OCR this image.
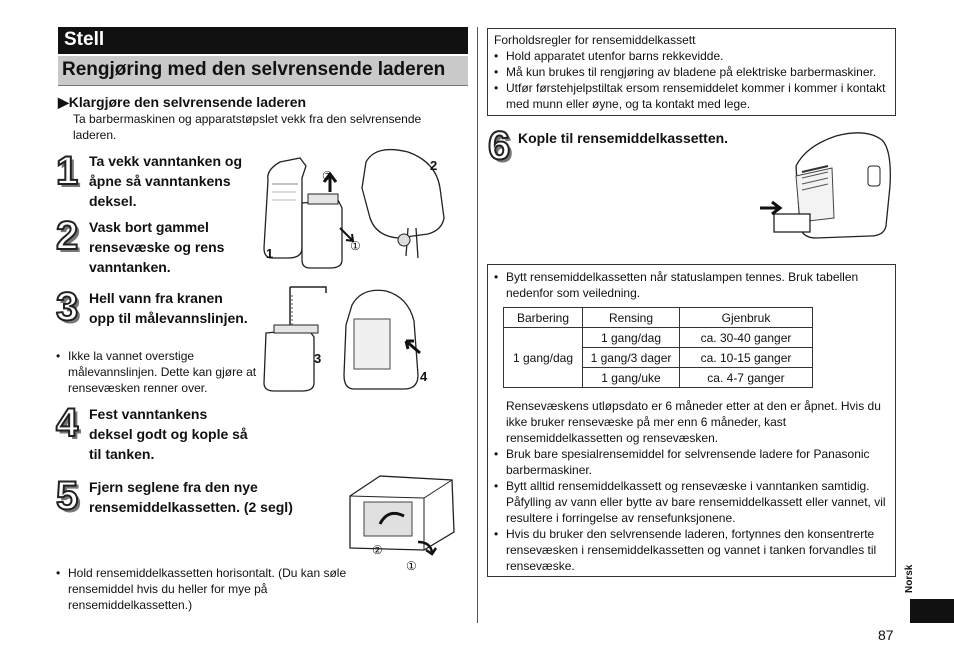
Stell
Rengjøring med den selvrensende laderen
▶Klargjøre den selvrensende laderen
Ta barbermaskinen og apparatstøpslet vekk fra den selvrensende laderen.
1 Ta vekk vanntanken og åpne så vanntankens deksel.
2 Vask bort gammel rensevæske og rens vanntanken.
3 Hell vann fra kranen opp til målevannslinjen.
• Ikke la vannet overstige målevannslinjen. Dette kan gjøre at rensevæsken renner over.
4 Fest vanntankens deksel godt og kople så til tanken.
5 Fjern seglene fra den nye rensemiddelkassetten. (2 segl)
• Hold rensemiddelkassetten horisontalt. (Du kan søle rensemiddel hvis du heller for mye på rensemiddelkassetten.)
1
2
②
①
3
4
②
①
Forholdsregler for rensemiddelkassett
• Hold apparatet utenfor barns rekkevidde.
• Må kun brukes til rengjøring av bladene på elektriske barbermaskiner.
• Utfør førstehjelpstiltak ersom rensemiddelet kommer i kommer i kontakt med munn eller øyne, og ta kontakt med lege.
6 Kople til rensemiddelkassetten.
• Bytt rensemiddelkassetten når statuslampen tennes. Bruk tabellen nedenfor som veiledning.
Barbering	Rensing	Gjenbruk
1 gang/dag	1 gang/dag	ca. 30-40 ganger
	1 gang/3 dager	ca. 10-15 ganger
	1 gang/uke	ca. 4-7 ganger
Rensevæskens utløpsdato er 6 måneder etter at den er åpnet. Hvis du ikke bruker rensevæske på mer enn 6 måneder, kast rensemiddelkassetten og rensevæsken.
• Bruk bare spesialrensemiddel for selvrensende ladere for Panasonic barbermaskiner.
• Bytt alltid rensemiddelkassett og rensevæske i vanntanken samtidig. Påfylling av vann eller bytte av bare rensemiddelkassett eller vannet, vil resultere i forringelse av rensefunksjonene.
• Hvis du bruker den selvrensende laderen, fortynnes den konsentrerte rensevæsken i rensemiddelkassetten og vannet i tanken forvandles til rensevæske.	Norsk
87
